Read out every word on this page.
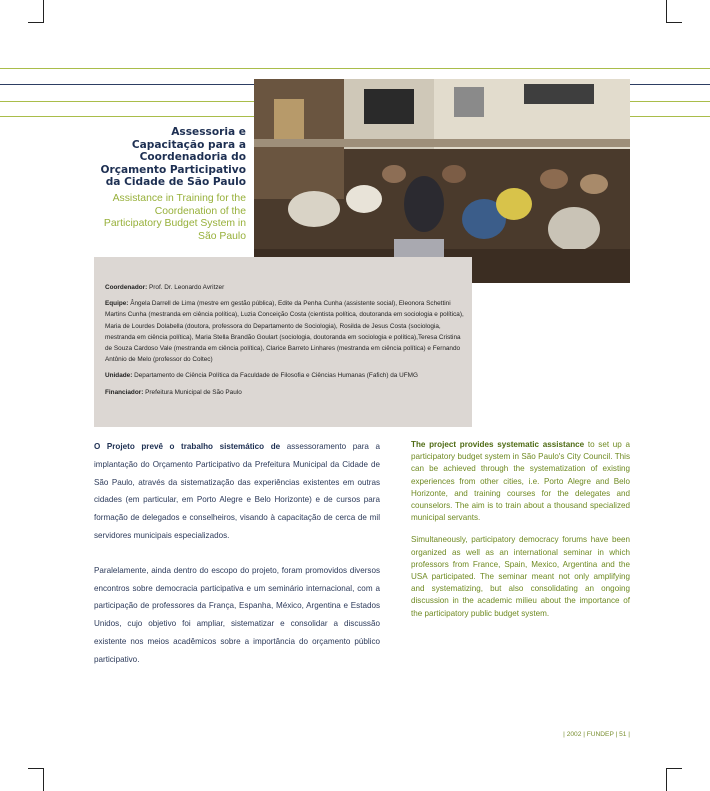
Assessoria e Capacitação para a Coordenadoria do Orçamento Participativo da Cidade de São Paulo
Assistance in Training for the Coordenation of the Participatory Budget System in São Paulo

Coordenador: Prof. Dr. Leonardo Avritzer

Equipe: Ângela Darrell de Lima (mestre em gestão pública), Edite da Penha Cunha (assistente social), Eleonora Schettini Martins Cunha (mestranda em ciência política), Luzia Conceição Costa (cientista política, doutoranda em sociologia e política), Maria de Lourdes Dolabella (doutora, professora do Departamento de Sociologia), Rosilda de Jesus Costa (sociologia, mestranda em ciência política), Maria Stella Brandão Goulart (sociologia, doutoranda em sociologia e política),Teresa Cristina de Souza Cardoso Vale (mestranda em ciência política), Clarice Barreto Linhares (mestranda em ciência política) e Fernando Antônio de Melo (professor do Coltec)

Unidade: Departamento de Ciência Política da Faculdade de Filosofia e Ciências Humanas (Fafich) da UFMG

Financiador: Prefeitura Municipal de São Paulo

O Projeto prevê o trabalho sistemático de assessoramento para a implantação do Orçamento Participativo da Prefeitura Municipal da Cidade de São Paulo, através da sistematização das experiências existentes em outras cidades (em particular, em Porto Alegre e Belo Horizonte) e de cursos para formação de delegados e conselheiros, visando à capacitação de cerca de mil servidores municipais especializados.

Paralelamente, ainda dentro do escopo do projeto, foram promovidos diversos encontros sobre democracia participativa e um seminário internacional, com a participação de professores da França, Espanha, México, Argentina e Estados Unidos, cujo objetivo foi ampliar, sistematizar e consolidar a discussão existente nos meios acadêmicos sobre a importância do orçamento público participativo.

The project provides systematic assistance to set up a participatory budget system in São Paulo's City Council. This can be achieved through the systematization of existing experiences from other cities, i.e. Porto Alegre and Belo Horizonte, and training courses for the delegates and counselors. The aim is to train about a thousand specialized municipal servants.

Simultaneously, participatory democracy forums have been organized as well as an international seminar in which professors from France, Spain, Mexico, Argentina and the USA participated. The seminar meant not only amplifying and systematizing, but also consolidating an ongoing discussion in the academic milieu about the importance of the participatory public budget system.

| 2002 | FUNDEP | 51 |
